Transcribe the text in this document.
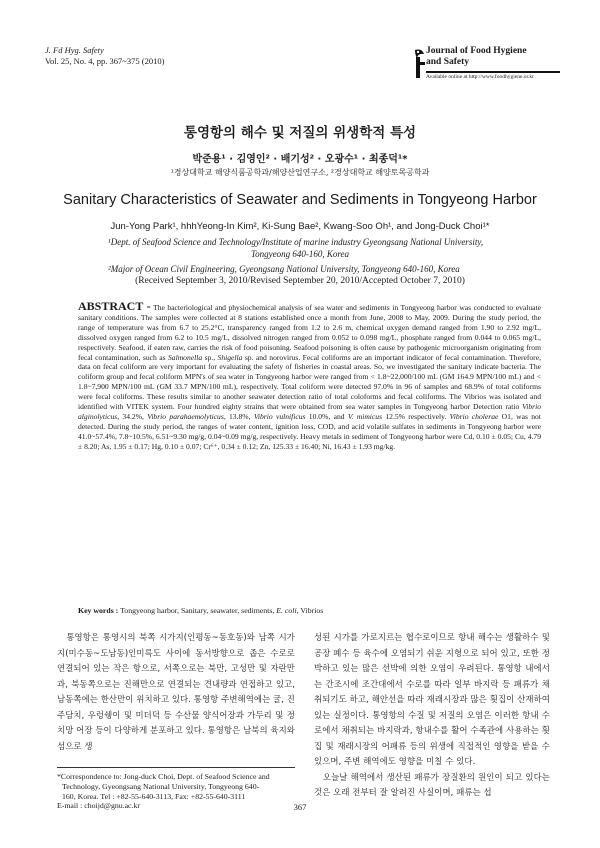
J. Fd Hyg. Safety
Vol. 25, No. 4, pp. 367~375 (2010)
Journal of Food Hygiene
and Safety
Available online at http://www.foodhygiene.or.kr
통영항의 해수 및 저질의 위생학적 특성
박준용¹ · 김영인² · 배기성² · 오광수¹ · 최종덕¹*
¹경상대학교 해양식품공학과/해양산업연구소, ²경상대학교 해양토목공학과
Sanitary Characteristics of Seawater and Sediments in Tongyeong Harbor
Jun-Yong Park¹, hhhYeong-In Kim², Ki-Sung Bae², Kwang-Soo Oh¹, and Jong-Duck Choi¹*
¹Dept. of Seafood Science and Technology/Institute of marine industry Gyeongsang National University,
Tongyeong 640-160, Korea
²Major of Ocean Civil Engineering, Gyeongsang National University, Tongyeong 640-160, Korea
(Received September 3, 2010/Revised September 20, 2010/Accepted October 7, 2010)
ABSTRACT - The bacteriological and physiochemical analysis of sea water and sediments in Tongyeong harbor was conducted to evaluate sanitary conditions. The samples were collected at 8 stations established once a month from June, 2008 to May, 2009. During the study period, the range of temperature was from 6.7 to 25.2°C, transparency ranged from 1.2 to 2.6 m, chemical oxygen demand ranged from 1.90 to 2.92 mg/L, dissolved oxygen ranged from 6.2 to 10.5 mg/L, dissolved nitrogen ranged from 0.052 to 0.098 mg/L, phosphate ranged from 0.044 to 0.065 mg/L, respectively. Seafood, if eaten raw, carries the risk of food poisoning. Seafood poisoning is often cause by pathogenic microorganism originating from fecal contamination, such as Salmonella sp., Shigella sp. and norovirus. Fecal coliforms are an important indicator of fecal contamination. Therefore, data on fecal coliform are very important for evaluating the safety of fisheries in coastal areas. So, we investigated the sanitary indicate bacteria. The coliform group and fecal coliform MPN's of sea water in Tongyeong harbor were ranged from < 1.8~22,000/100 mL (GM 164.9 MPN/100 mL) and < 1.8~7,900 MPN/100 mL (GM 33.7 MPN/100 mL), respectively. Total coliform were detected 97.0% in 96 of samples and 68.9% of total coliforms were fecal coliforms. These results similar to another seawater detection ratio of total coloforms and fecal coliforms. The Vibrios was isolated and identified with VITEK system. Four hundred eighty strains that were obtained from sea water samples in Tongyeong harbor Detection ratio Vibrio alginolyticus, 34.2%, Vibrio parahaemolyticus, 13.8%, Vibrio vulnificus 10.0%, and V. mimicus 12.5% respectively. Vibrio cholerae O1, was not detected. During the study period, the ranges of water content, ignition loss, COD, and acid volatile sulfates in sediments in Tongyeong harbor were 41.0~57.4%, 7.8~10.5%, 6.51~9.30 mg/g, 0.04~0.09 mg/g, respectively. Heavy metals in sediment of Tongyeong harbor were Cd, 0.10 ± 0.05; Cu, 4.79 ± 8.20; As, 1.95 ± 0.17; Hg, 0.10 ± 0.07; Cr⁶⁺, 0.34 ± 0.12; Zn, 125.33 ± 16.40; Ni, 16.43 ± 1.93 mg/kg.
Key words : Tongyeong harbor, Sanitary, seawater, sediments, E. coli, Vibrios
　통영항은 통영시의 북쪽 시가지(인평동~동호동)와 남쪽 시가지(미수동~도남동)인미륵도 사이에 동서방향으로 좁은 수로로 연결되어 있는 작은 항으로, 서쪽으로는 북만, 고성만 및 자란만과, 북동쪽으로는 진해만으로 연결되는 견내량과 연접하고 있고, 남동쪽에는 한산만이 위치하고 있다. 통영항 주변해역에는 굴, 진주담치, 우렁쉥이 및 미더덕 등 수산물 양식어장과 가두리 및 정치망 어장 등이 다양하게 분포하고 있다. 통영항은 남북의 육지와 섬으로 생
성된 시가를 가로지르는 협수로이므로 항내 해수는 생활하수 및 공장 폐수 등 육수에 오염되기 쉬운 지형으로 되어 있고, 또한 정박하고 있는 많은 선박에 의한 오염이 우려된다. 통영항 내에서는 간조시에 조간대에서 수로를 따라 일부 바지락 등 패류가 채취되기도 하고, 해안선을 따라 재래시장과 많은 횟집이 산재하여 있는 실정이다. 통영항의 수질 및 저질의 오염은 이러한 항내 수로에서 채취되는 바지락과, 항내수를 활어 수족관에 사용하는 횟집 및 재래시장의 어패류 등의 위생에 직접적인 영향을 받을 수 있으며, 주변 해역에도 영향을 미칠 수 있다.
　오늘날 해역에서 생산된 패류가 장질환의 원인이 되고 있다는 것은 오래 전부터 잘 알려진 사실이며, 패류는 섭
*Correspondence to: Jong-duck Choi, Dept. of Seafood Science and
Technology, Gyeongsang National University, Tongyeong 640-
160, Korea. Tel : +82-55-640-3113, Fax: +82-55-640-3111
E-mail : choijd@gnu.ac.kr	367
